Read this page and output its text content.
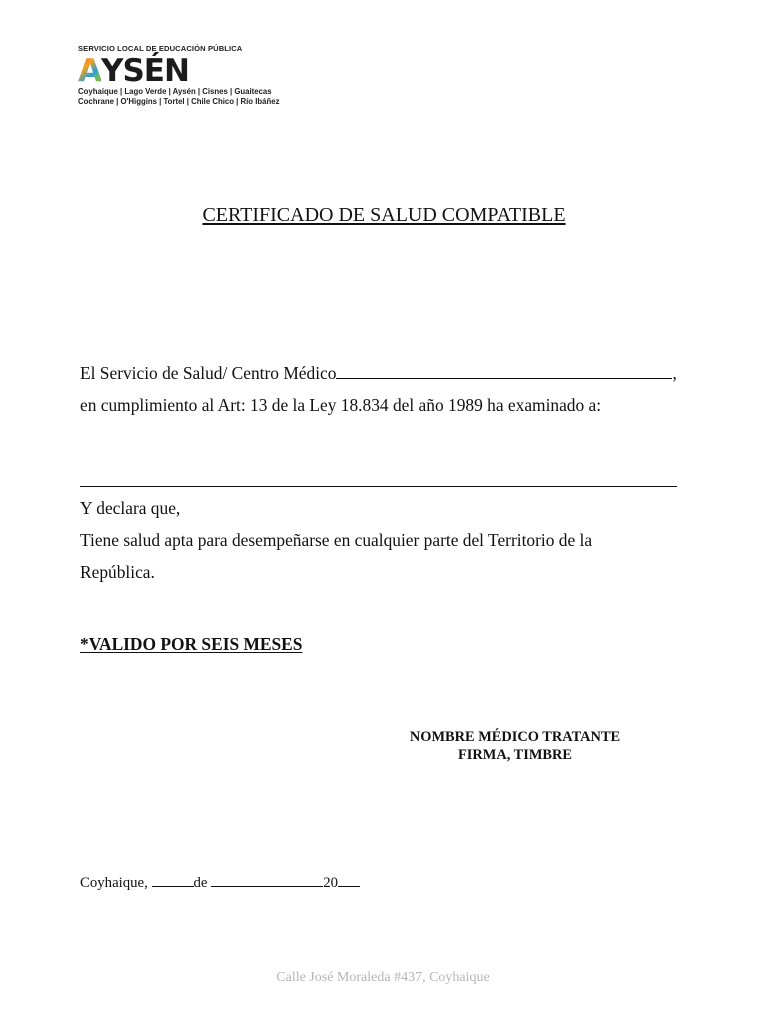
SERVICIO LOCAL DE EDUCACIÓN PÚBLICA
AYSÉN
Coyhaique | Lago Verde | Aysén | Cisnes | Guaitecas
Cochrane | O'Higgins | Tortel | Chile Chico | Río Ibáñez
CERTIFICADO DE SALUD COMPATIBLE
El Servicio de Salud/ Centro Médico	,
en cumplimiento al Art: 13 de la Ley 18.834 del año 1989 ha examinado a:
Y declara que,
Tiene salud apta para desempeñarse en cualquier parte del Territorio de la
República.
*VALIDO POR SEIS MESES
NOMBRE MÉDICO TRATANTE
FIRMA, TIMBRE
Coyhaique,	de	20
Calle José Moraleda #437, Coyhaique
